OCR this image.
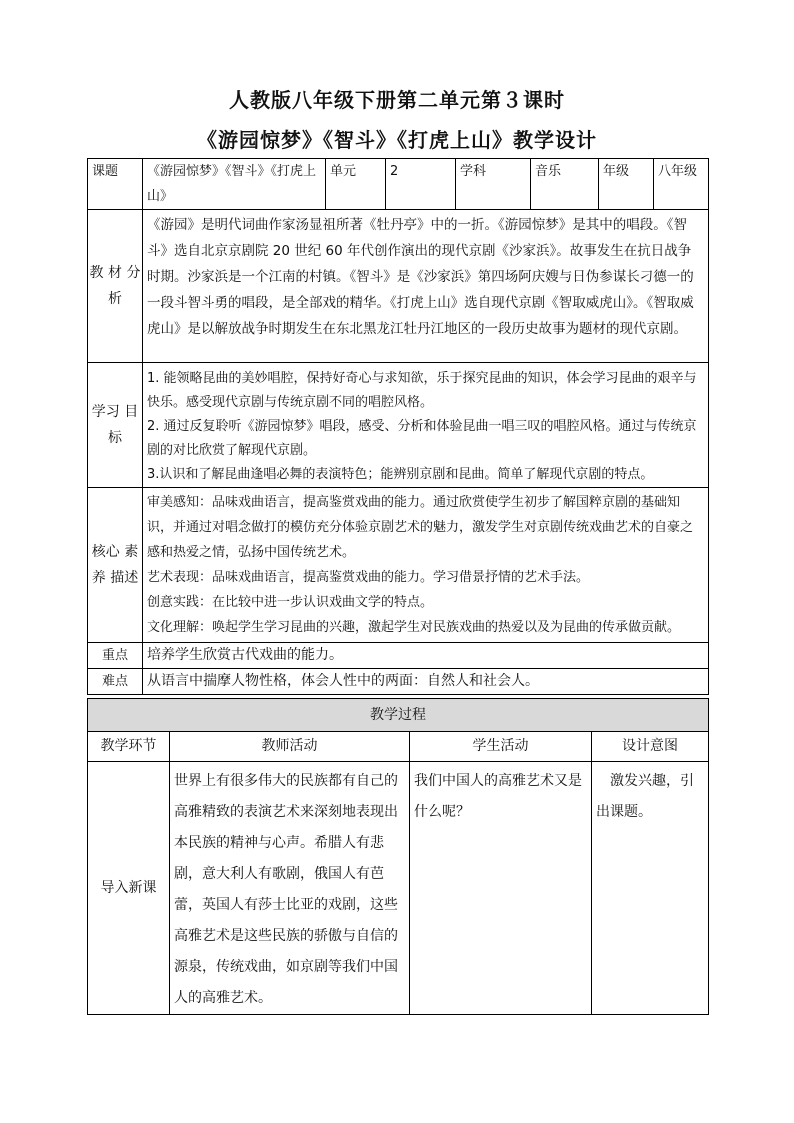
人教版八年级下册第二单元第３课时
《游园惊梦》《智斗》《打虎上山》教学设计
课题	《游园惊梦》《智斗》《打虎上山》	单元	2	学科	音乐	年级	八年级
教 材 分析	《游园》是明代词曲作家汤显祖所著《牡丹亭》中的一折。《游园惊梦》是其中的唱段。《智斗》选自北京京剧院 20 世纪 60 年代创作演出的现代京剧《沙家浜》。故事发生在抗日战争时期。沙家浜是一个江南的村镇。《智斗》是《沙家浜》第四场阿庆嫂与日伪参谋长刁德一的一段斗智斗勇的唱段，是全部戏的精华。《打虎上山》选自现代京剧《智取威虎山》。《智取威虎山》是以解放战争时期发生在东北黑龙江牡丹江地区的一段历史故事为题材的现代京剧。						
学习 目标	1. 能领略昆曲的美妙唱腔，保持好奇心与求知欲，乐于探究昆曲的知识，体会学习昆曲的艰辛与快乐。感受现代京剧与传统京剧不同的唱腔风格。
2. 通过反复聆听《游园惊梦》唱段，感受、分析和体验昆曲一唱三叹的唱腔风格。通过与传统京剧的对比欣赏了解现代京剧。
3.认识和了解昆曲逢唱必舞的表演特色；能辨别京剧和昆曲。简单了解现代京剧的特点。						

核心 素养 描述	审美感知：品味戏曲语言，提高鉴赏戏曲的能力。通过欣赏使学生初步了解国粹京剧的基础知识，并通过对唱念做打的模仿充分体验京剧艺术的魅力，激发学生对京剧传统戏曲艺术的自豪之感和热爱之情，弘扬中国传统艺术。
艺术表现：品味戏曲语言，提高鉴赏戏曲的能力。学习借景抒情的艺术手法。
创意实践：在比较中进一步认识戏曲文学的特点。
文化理解：唤起学生学习昆曲的兴趣，激起学生对民族戏曲的热爱以及为昆曲的传承做贡献。						

重点	培养学生欣赏古代戏曲的能力。						
难点	从语言中揣摩人物性格，体会人性中的两面：自然人和社会人。						
教学过程			
教学环节	教师活动	学生活动	设计意图
导入新课	世界上有很多伟大的民族都有自己的高雅精致的表演艺术来深刻地表现出本民族的精神与心声。希腊人有悲剧，意大利人有歌剧，俄国人有芭蕾，英国人有莎士比亚的戏剧，这些高雅艺术是这些民族的骄傲与自信的源泉，传统戏曲，如京剧等我们中国人的高雅艺术。	我们中国人的高雅艺术又是什么呢？	激发兴趣，引出课题。
